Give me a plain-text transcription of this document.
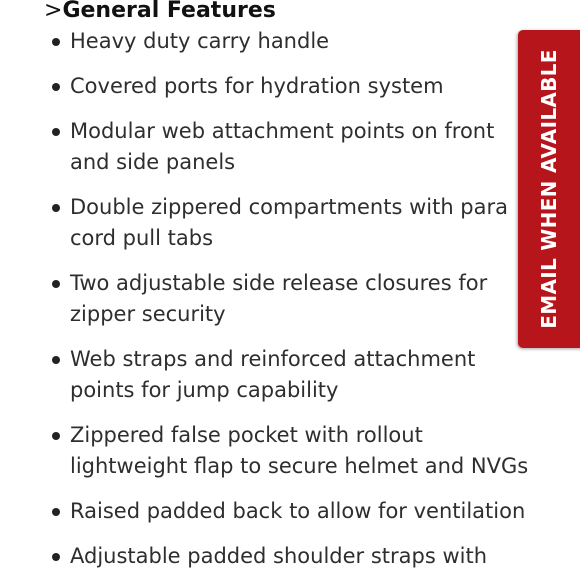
>General Features
Heavy duty carry handle
Covered ports for hydration system
Modular web attachment points on front and side panels
Double zippered compartments with para cord pull tabs
Two adjustable side release closures for zipper security
Web straps and reinforced attachment points for jump capability
Zippered false pocket with rollout lightweight flap to secure helmet and NVGs
Raised padded back to allow for ventilation
Adjustable padded shoulder straps with
EMAIL WHEN AVAILABLE
